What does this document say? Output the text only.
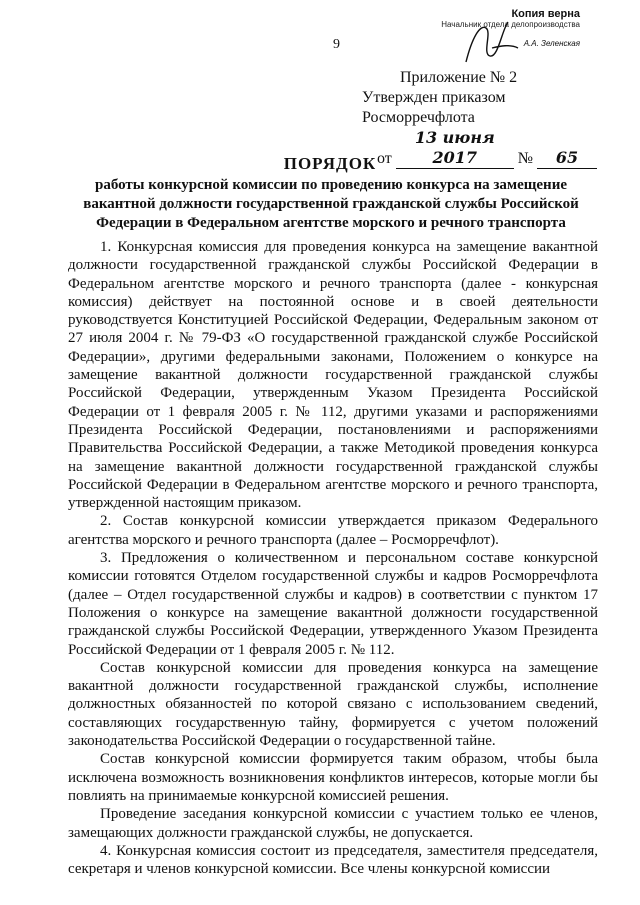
Копия верна
Начальник отдела делопроизводства
А.А. Зеленская
9
Приложение № 2
Утвержден приказом Росморречфлота
от 13 июня 2017	№ 65
ПОРЯДОК
работы конкурсной комиссии по проведению конкурса на замещение вакантной должности государственной гражданской службы Российской Федерации в Федеральном агентстве морского и речного транспорта

1. Конкурсная комиссия для проведения конкурса на замещение вакантной должности государственной гражданской службы Российской Федерации в Федеральном агентстве морского и речного транспорта (далее - конкурсная комиссия) действует на постоянной основе и в своей деятельности руководствуется Конституцией Российской Федерации, Федеральным законом от 27 июля 2004 г. № 79-ФЗ «О государственной гражданской службе Российской Федерации», другими федеральными законами, Положением о конкурсе на замещение вакантной должности государственной гражданской службы Российской Федерации, утвержденным Указом Президента Российской Федерации от 1 февраля 2005 г. № 112, другими указами и распоряжениями Президента Российской Федерации, постановлениями и распоряжениями Правительства Российской Федерации, а также Методикой проведения конкурса на замещение вакантной должности государственной гражданской службы Российской Федерации в Федеральном агентстве морского и речного транспорта, утвержденной настоящим приказом.

2. Состав конкурсной комиссии утверждается приказом Федерального агентства морского и речного транспорта (далее – Росморречфлот).

3. Предложения о количественном и персональном составе конкурсной комиссии готовятся Отделом государственной службы и кадров Росморречфлота (далее – Отдел государственной службы и кадров) в соответствии с пунктом 17 Положения о конкурсе на замещение вакантной должности государственной гражданской службы Российской Федерации, утвержденного Указом Президента Российской Федерации от 1 февраля 2005 г. № 112.

Состав конкурсной комиссии для проведения конкурса на замещение вакантной должности государственной гражданской службы, исполнение должностных обязанностей по которой связано с использованием сведений, составляющих государственную тайну, формируется с учетом положений законодательства Российской Федерации о государственной тайне.

Состав конкурсной комиссии формируется таким образом, чтобы была исключена возможность возникновения конфликтов интересов, которые могли бы повлиять на принимаемые конкурсной комиссией решения.

Проведение заседания конкурсной комиссии с участием только ее членов, замещающих должности гражданской службы, не допускается.

4. Конкурсная комиссия состоит из председателя, заместителя председателя, секретаря и членов конкурсной комиссии. Все члены конкурсной комиссии
